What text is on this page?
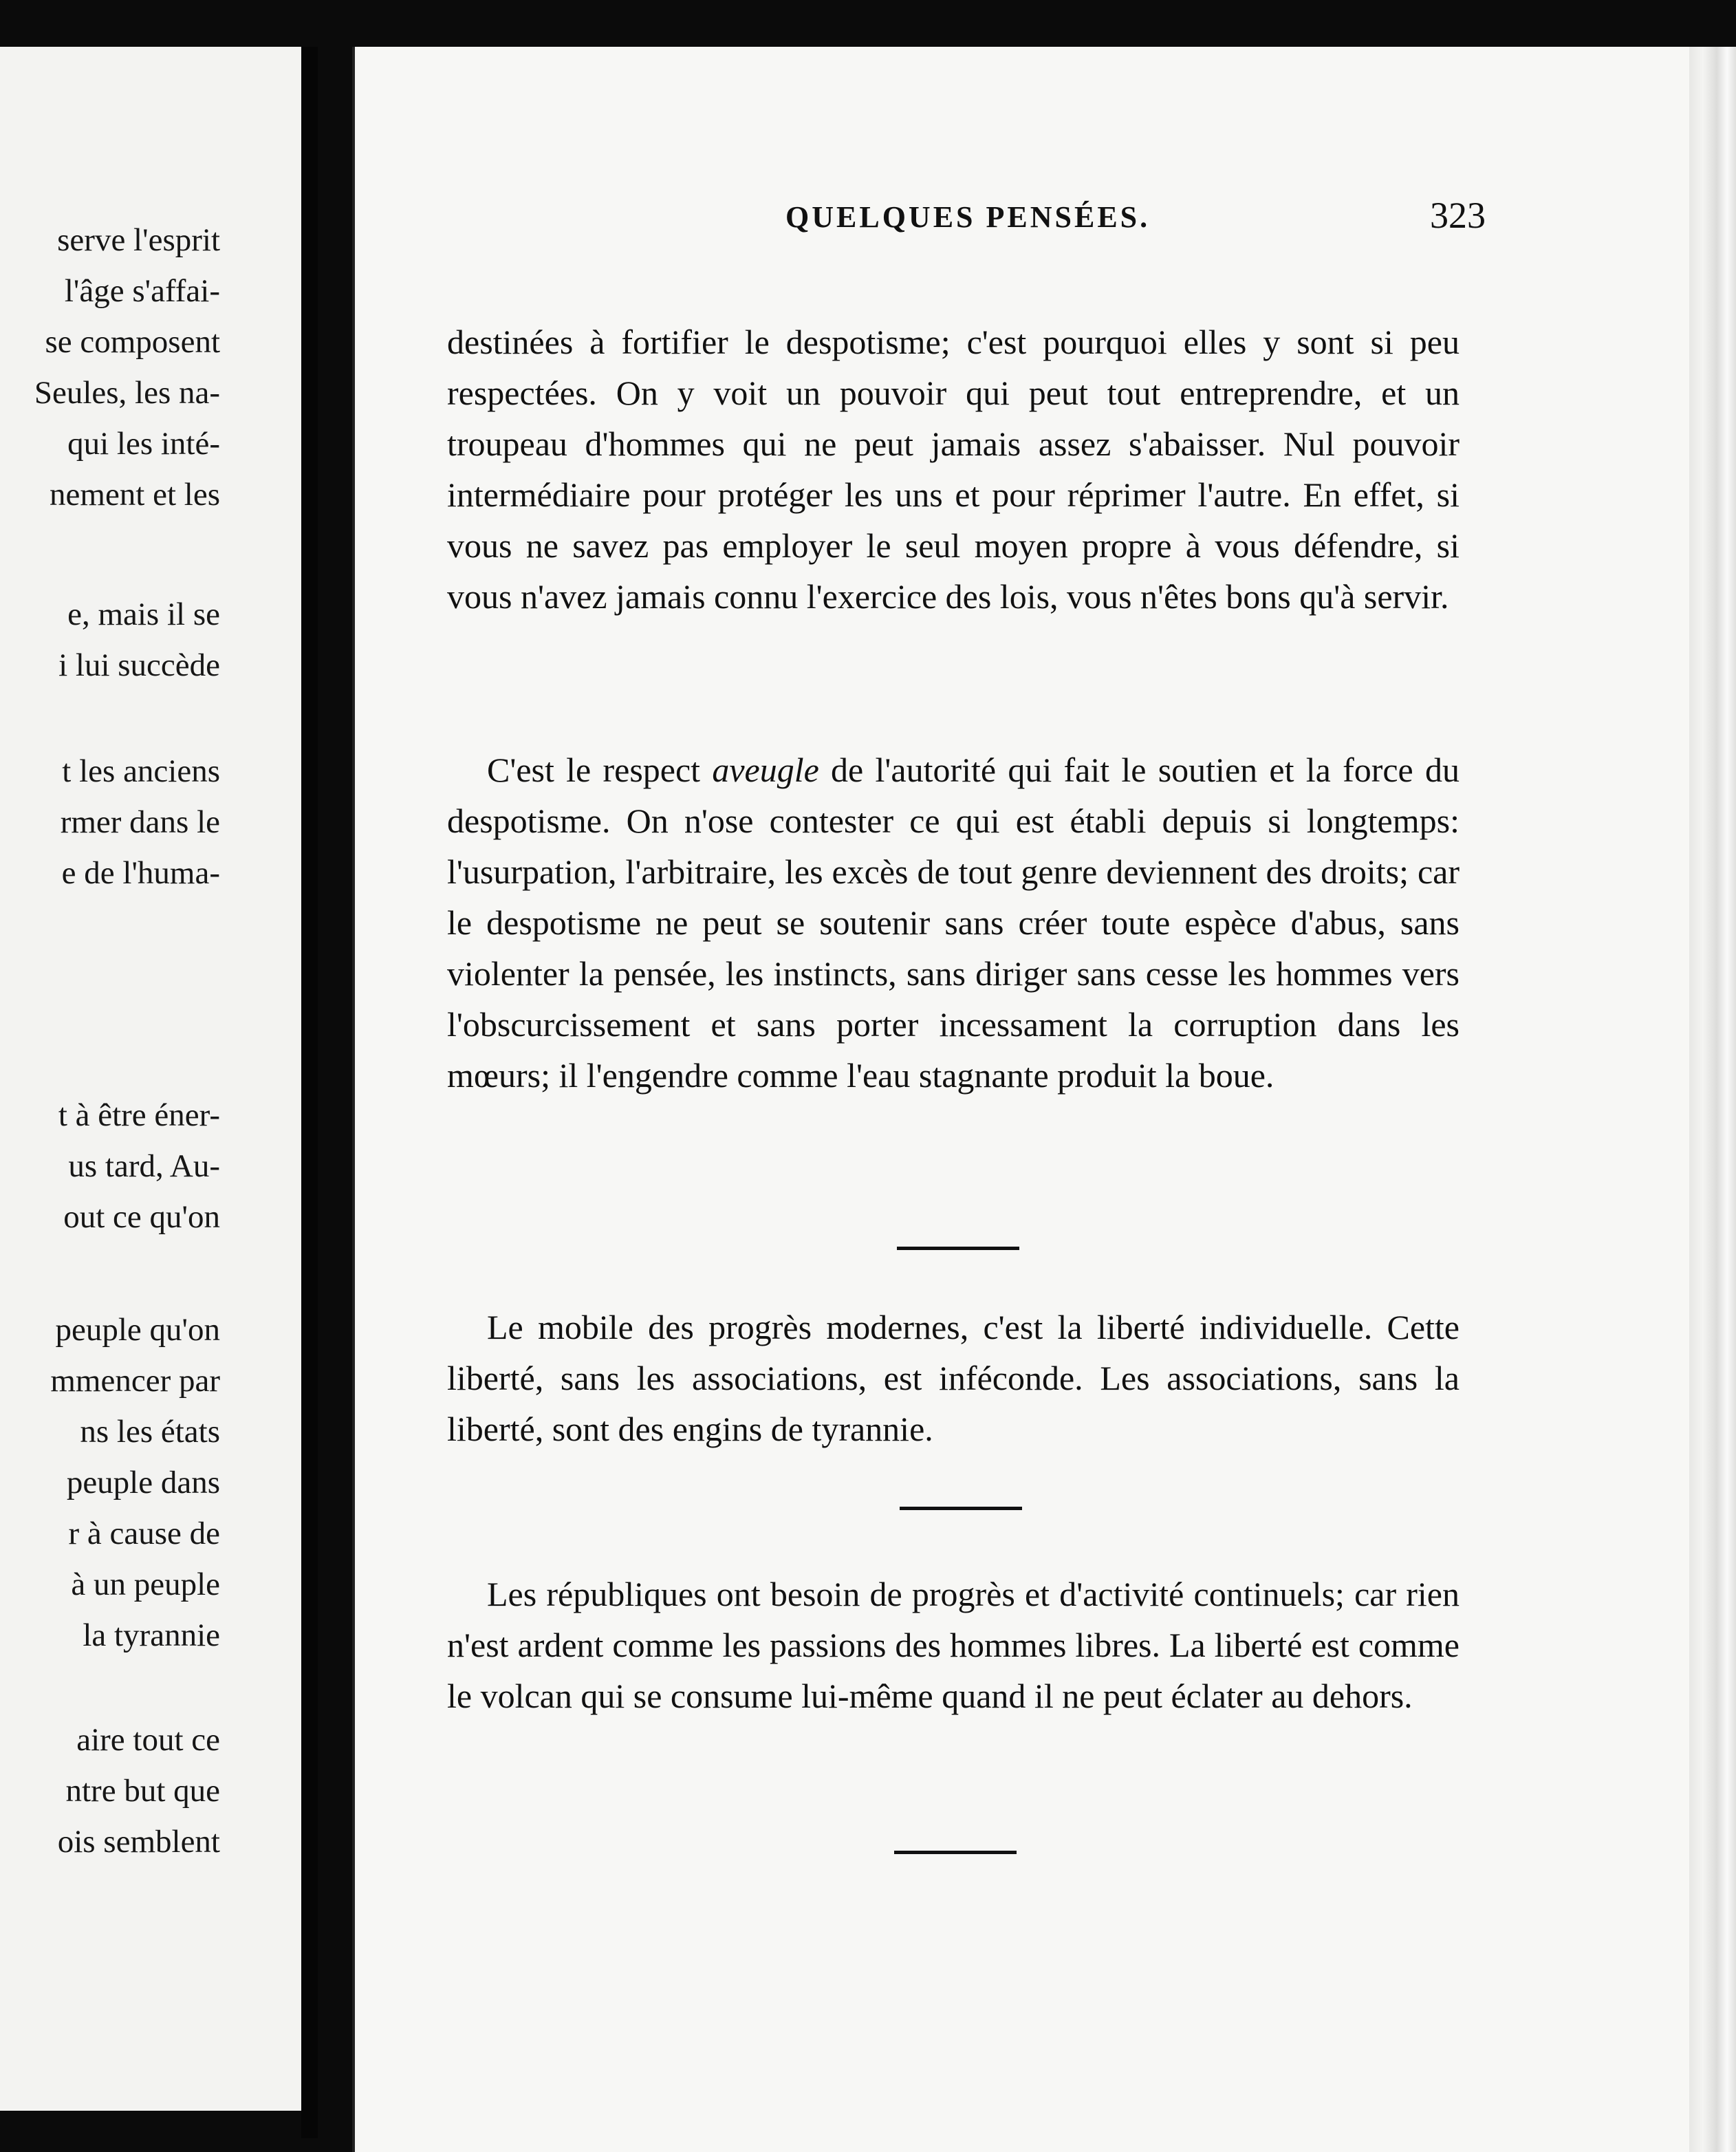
serve l'esprit
l'âge s'affai-
se composent
Seules, les na-
qui les inté-
nement et les
e, mais il se
i lui succède
t les anciens
rmer dans le
e de l'huma-
t à être éner-
us tard, Au-
out ce qu'on
peuple qu'on
mmencer par
ns les états
peuple dans
r à cause de
à un peuple
la tyrannie
aire tout ce
ntre but que
ois semblent
QUELQUES PENSÉES.	323

destinées à fortifier le despotisme; c'est pourquoi elles y sont si peu respectées. On y voit un pouvoir qui peut tout entreprendre, et un troupeau d'hommes qui ne peut jamais assez s'abaisser. Nul pouvoir intermédiaire pour protéger les uns et pour réprimer l'autre. En effet, si vous ne savez pas employer le seul moyen propre à vous défendre, si vous n'avez jamais connu l'exercice des lois, vous n'êtes bons qu'à servir.

C'est le respect aveugle de l'autorité qui fait le soutien et la force du despotisme. On n'ose contester ce qui est établi depuis si longtemps: l'usurpation, l'arbitraire, les excès de tout genre deviennent des droits; car le despotisme ne peut se soutenir sans créer toute espèce d'abus, sans violenter la pensée, les instincts, sans diriger sans cesse les hommes vers l'obscurcissement et sans porter incessament la corruption dans les mœurs; il l'engendre comme l'eau stagnante produit la boue.

Le mobile des progrès modernes, c'est la liberté individuelle. Cette liberté, sans les associations, est inféconde. Les associations, sans la liberté, sont des engins de tyrannie.

Les républiques ont besoin de progrès et d'activité continuels; car rien n'est ardent comme les passions des hommes libres. La liberté est comme le volcan qui se consume lui-même quand il ne peut éclater au dehors.
